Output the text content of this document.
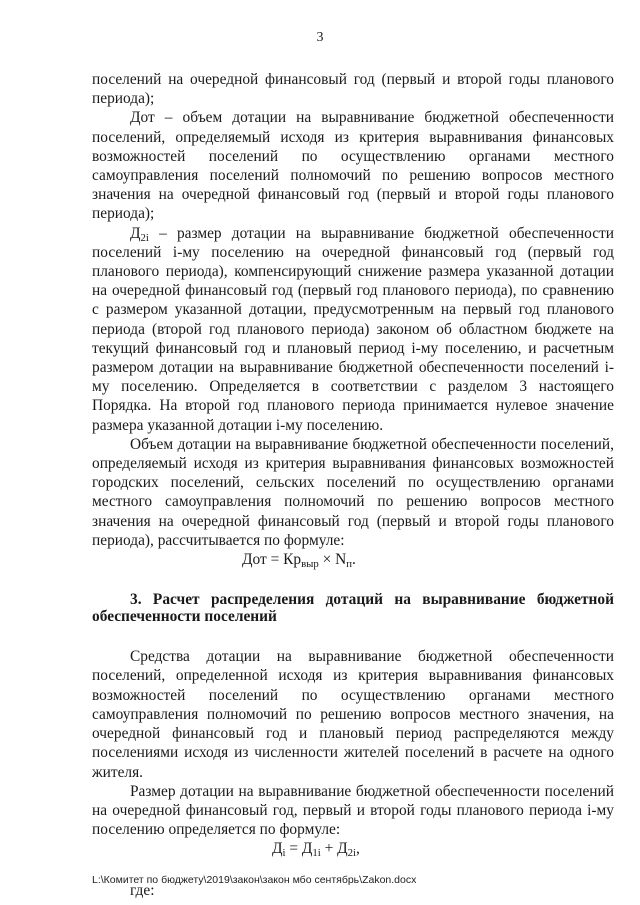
3

поселений на очередной финансовый год (первый и второй годы планового периода);

Дот – объем дотации на выравнивание бюджетной обеспеченности поселений, определяемый исходя из критерия выравнивания финансовых возможностей поселений по осуществлению органами местного самоуправления поселений полномочий по решению вопросов местного значения на очередной финансовый год (первый и второй годы планового периода);

$Д_{2i}$ – размер дотации на выравнивание бюджетной обеспеченности поселений i-му поселению на очередной финансовый год (первый год планового периода), компенсирующий снижение размера указанной дотации на очередной финансовый год (первый год планового периода), по сравнению с размером указанной дотации, предусмотренным на первый год планового периода (второй год планового периода) законом об областном бюджете на текущий финансовый год и плановый период i-му поселению, и расчетным размером дотации на выравнивание бюджетной обеспеченности поселений i-му поселению. Определяется в соответствии с разделом 3 настоящего Порядка. На второй год планового периода принимается нулевое значение размера указанной дотации i-му поселению.

Объем дотации на выравнивание бюджетной обеспеченности поселений, определяемый исходя из критерия выравнивания финансовых возможностей городских поселений, сельских поселений по осуществлению органами местного самоуправления полномочий по решению вопросов местного значения на очередной финансовый год (первый и второй годы планового периода), рассчитывается по формуле:

Дот = $Кр_{выр} \times N_п$.

3. Расчет распределения дотаций на выравнивание бюджетной обеспеченности поселений

Средства дотации на выравнивание бюджетной обеспеченности поселений, определенной исходя из критерия выравнивания финансовых возможностей поселений по осуществлению органами местного самоуправления полномочий по решению вопросов местного значения, на очередной финансовый год и плановый период распределяются между поселениями исходя из численности жителей поселений в расчете на одного жителя.

Размер дотации на выравнивание бюджетной обеспеченности поселений на очередной финансовый год, первый и второй годы планового периода i-му поселению определяется по формуле:

$Д_i = Д_{1i} + Д_{2i}$,

где:

L:\Комитет по бюджету\2019\закон\закон мбо сентябрь\Zakon.docx
